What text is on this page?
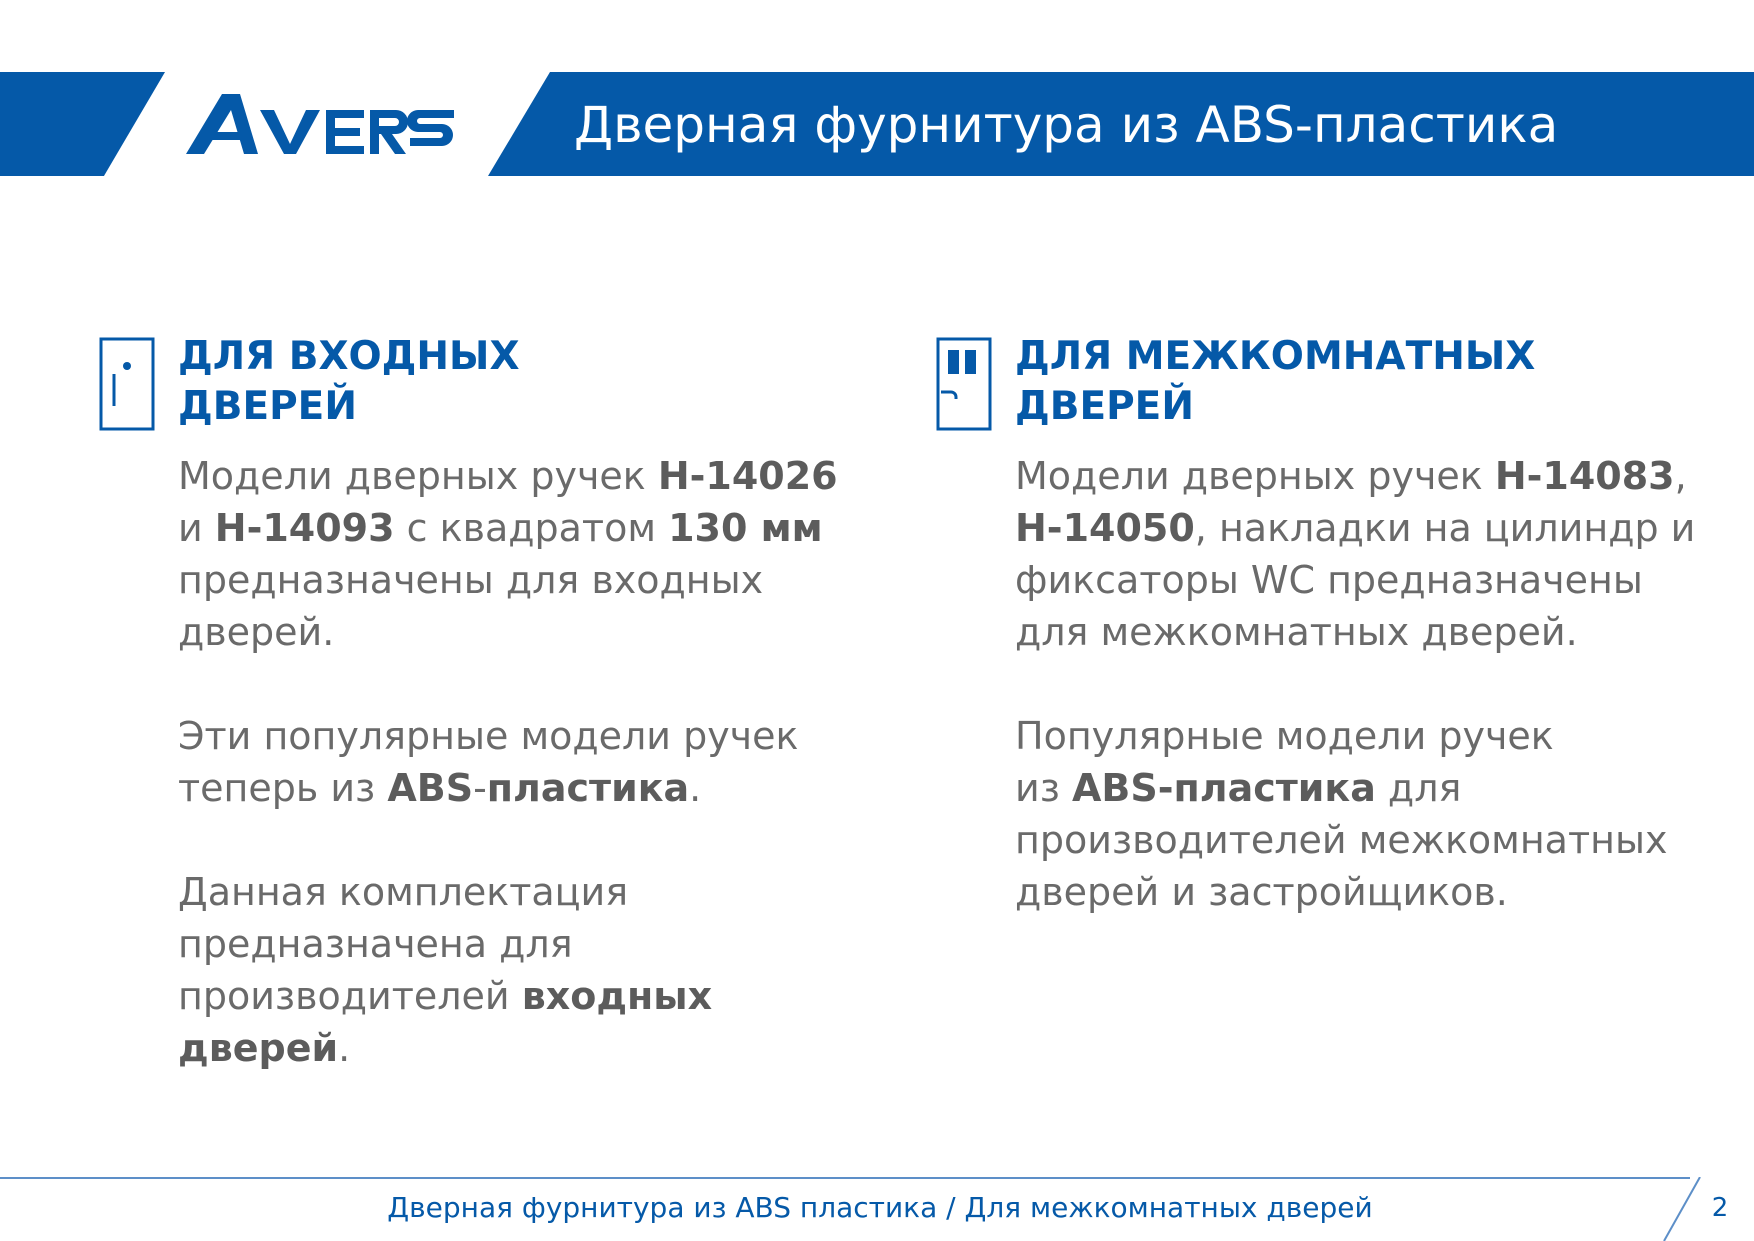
Дверная фурнитура из ABS-пластика
ДЛЯ ВХОДНЫХ
ДВЕРЕЙ

Модели дверных ручек H-14026
и H-14093 с квадратом 130 мм
предназначены для входных
дверей.

Эти популярные модели ручек
теперь из ABS-пластика.

Данная комплектация
предназначена для
производителей входных
дверей.

ДЛЯ МЕЖКОМНАТНЫХ
ДВЕРЕЙ

Модели дверных ручек H-14083,
H-14050, накладки на цилиндр и
фиксаторы WC предназначены
для межкомнатных дверей.

Популярные модели ручек
из ABS-пластика для
производителей межкомнатных
дверей и застройщиков.

Дверная фурнитура из ABS пластика / Для межкомнатных дверей	2
